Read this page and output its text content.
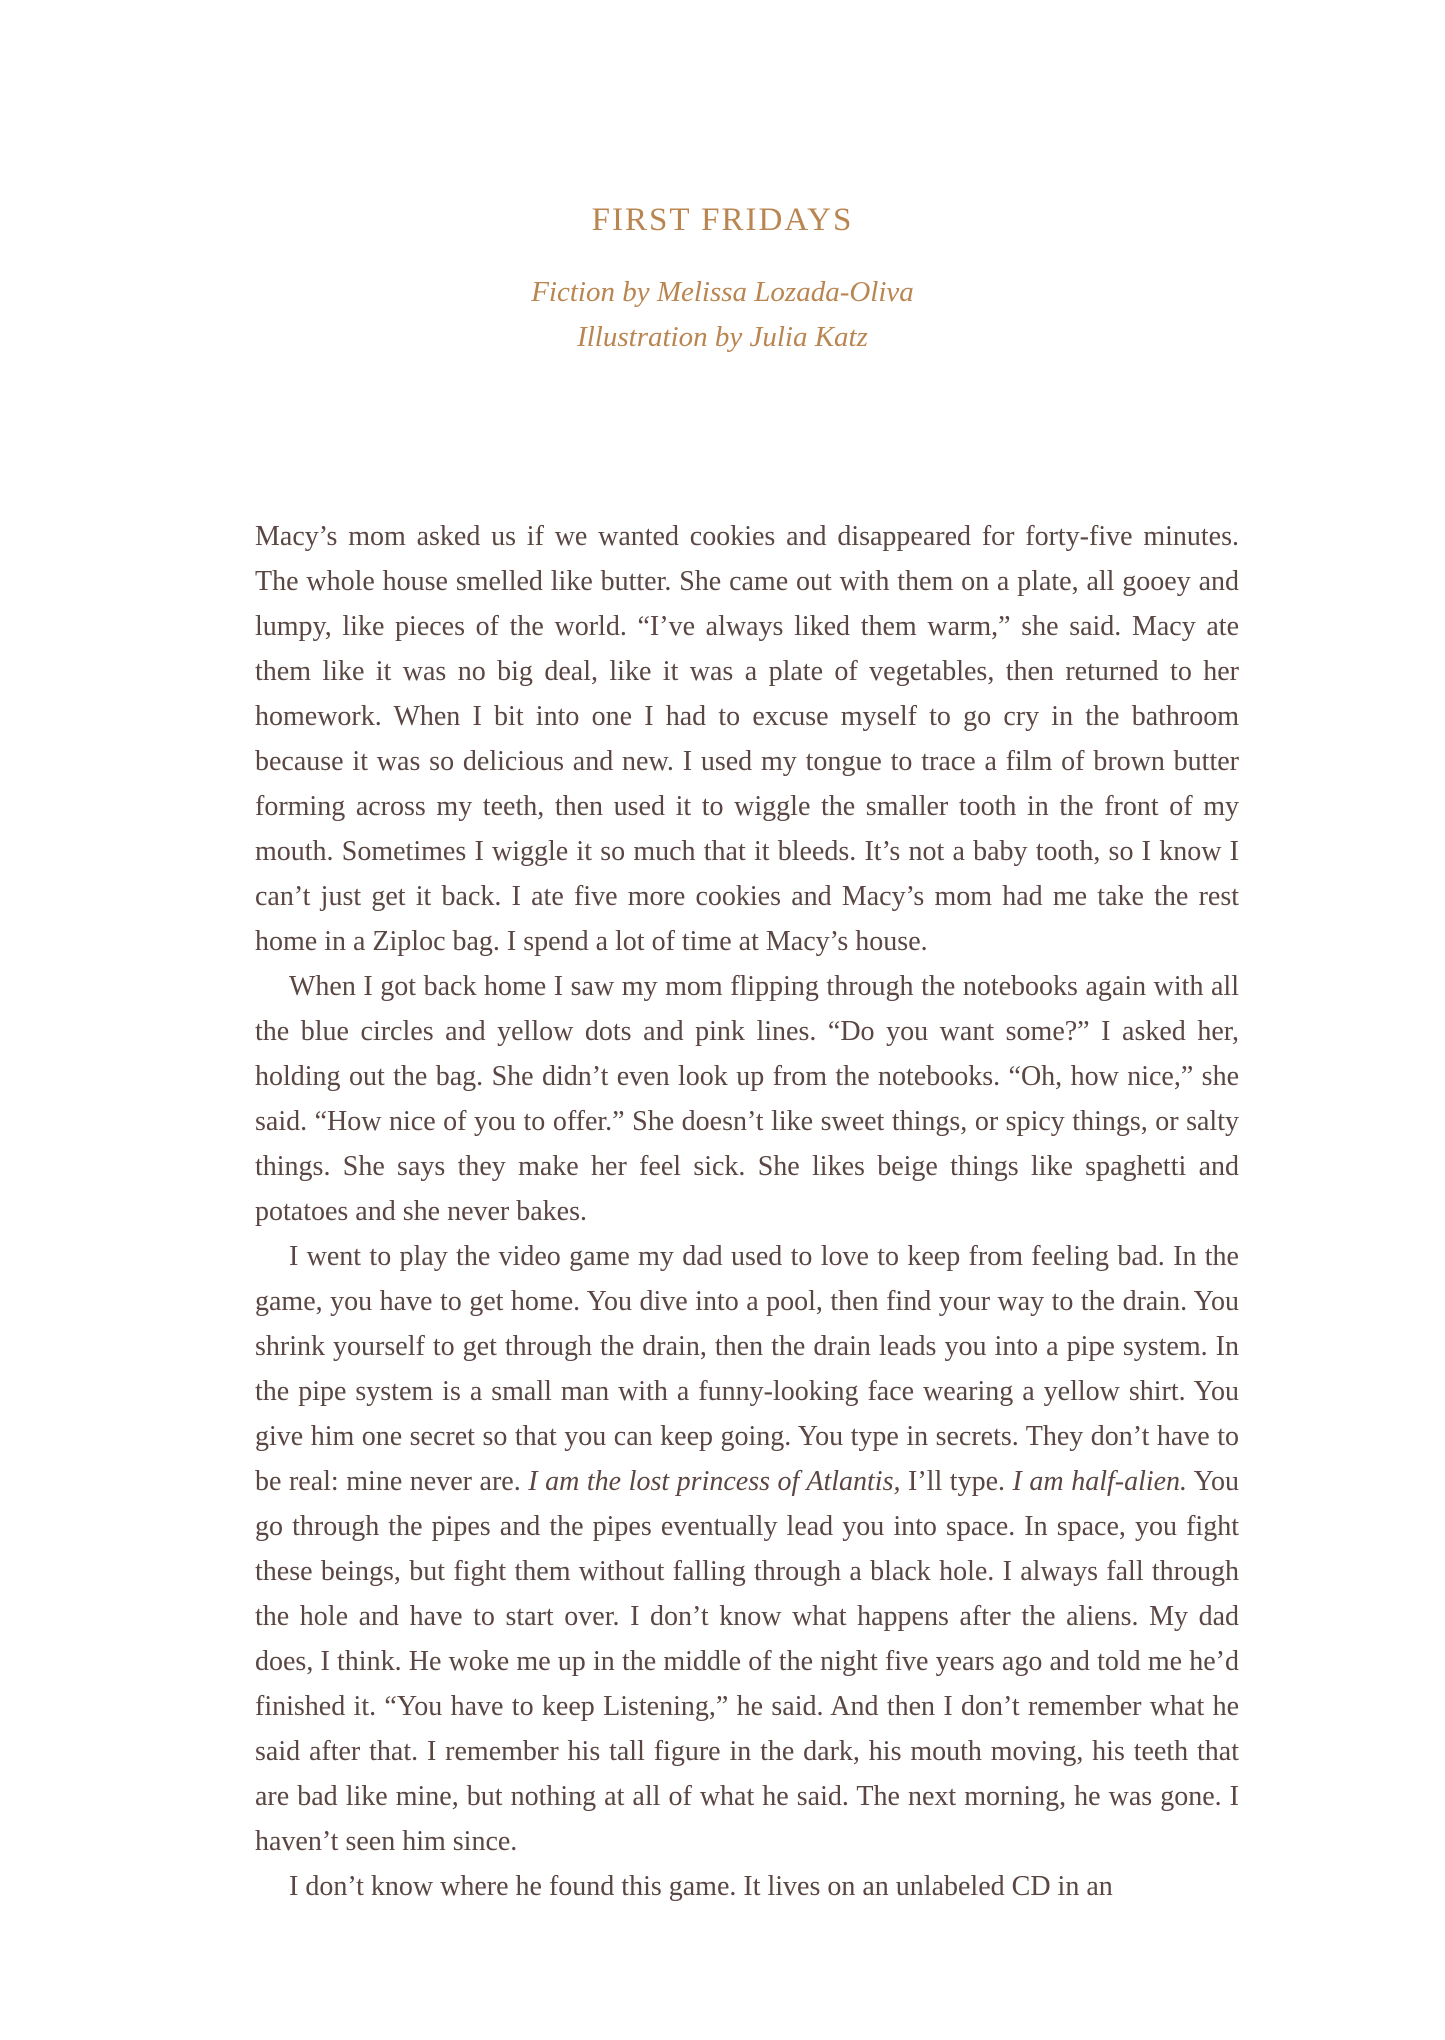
FIRST FRIDAYS
Fiction by Melissa Lozada-Oliva
Illustration by Julia Katz

Macy’s mom asked us if we wanted cookies and disappeared for forty-five minutes. The whole house smelled like butter. She came out with them on a plate, all gooey and lumpy, like pieces of the world. “I’ve always liked them warm,” she said. Macy ate them like it was no big deal, like it was a plate of vegetables, then returned to her homework. When I bit into one I had to excuse myself to go cry in the bathroom because it was so delicious and new. I used my tongue to trace a film of brown butter forming across my teeth, then used it to wiggle the smaller tooth in the front of my mouth. Sometimes I wiggle it so much that it bleeds. It’s not a baby tooth, so I know I can’t just get it back. I ate five more cookies and Macy’s mom had me take the rest home in a Ziploc bag. I spend a lot of time at Macy’s house.

When I got back home I saw my mom flipping through the notebooks again with all the blue circles and yellow dots and pink lines. “Do you want some?” I asked her, holding out the bag. She didn’t even look up from the notebooks. “Oh, how nice,” she said. “How nice of you to offer.” She doesn’t like sweet things, or spicy things, or salty things. She says they make her feel sick. She likes beige things like spaghetti and potatoes and she never bakes.

I went to play the video game my dad used to love to keep from feeling bad. In the game, you have to get home. You dive into a pool, then find your way to the drain. You shrink yourself to get through the drain, then the drain leads you into a pipe system. In the pipe system is a small man with a funny-looking face wearing a yellow shirt. You give him one secret so that you can keep going. You type in secrets. They don’t have to be real: mine never are. I am the lost princess of Atlantis, I’ll type. I am half-alien. You go through the pipes and the pipes eventually lead you into space. In space, you fight these beings, but fight them without falling through a black hole. I always fall through the hole and have to start over. I don’t know what happens after the aliens. My dad does, I think. He woke me up in the middle of the night five years ago and told me he’d finished it. “You have to keep Listening,” he said. And then I don’t remember what he said after that. I remember his tall figure in the dark, his mouth moving, his teeth that are bad like mine, but nothing at all of what he said. The next morning, he was gone. I haven’t seen him since.

I don’t know where he found this game. It lives on an unlabeled CD in an
